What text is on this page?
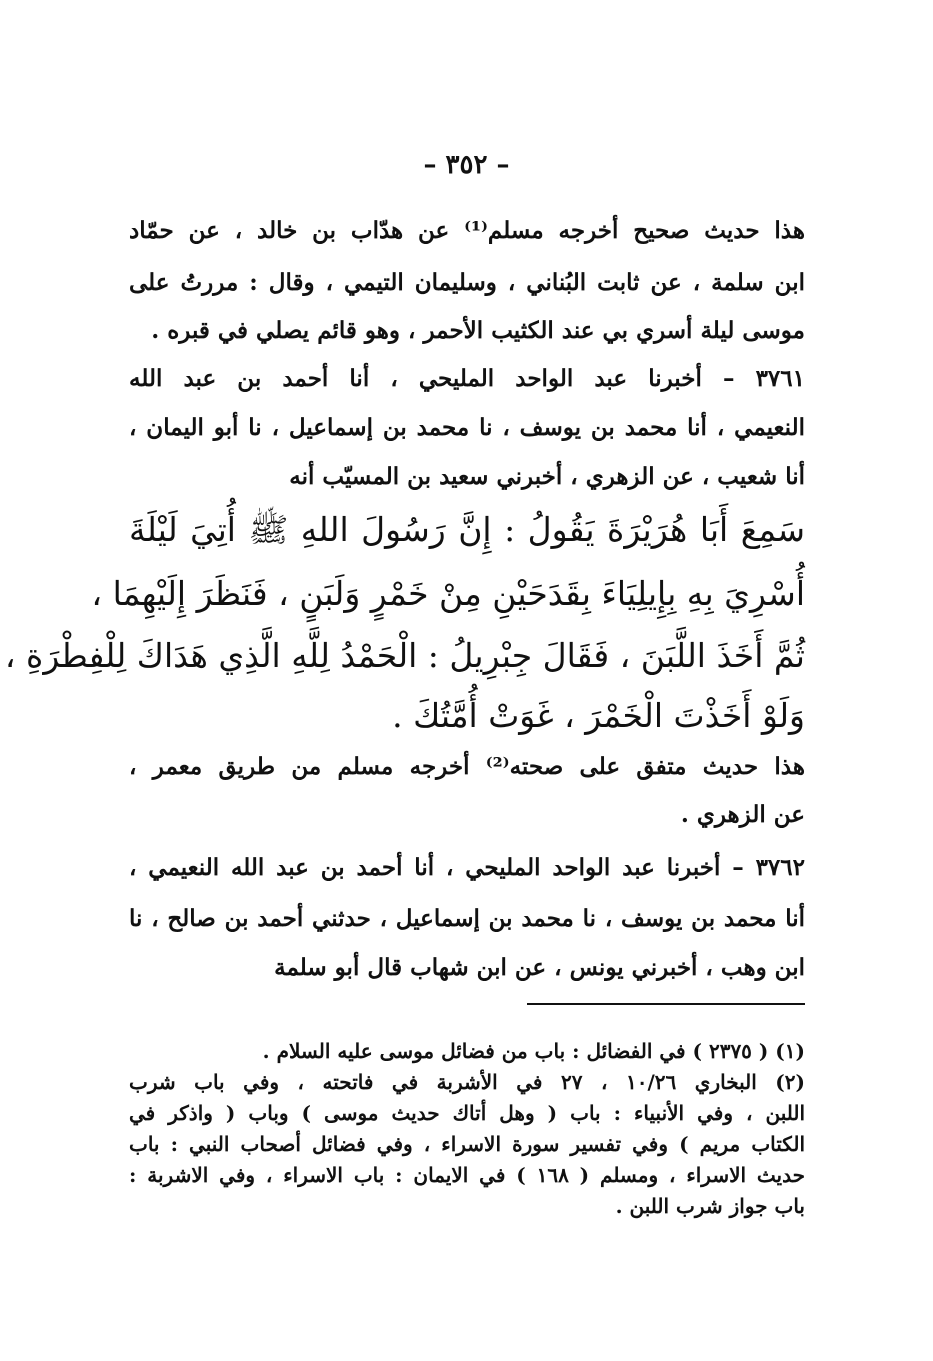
– ٣٥٢ –
هذا حديث صحيح أخرجه مسلم⁽¹⁾ عن هدّاب بن خالد ، عن حمّاد
ابن سلمة ، عن ثابت البُناني ، وسليمان التيمي ، وقال : مررتُ على
موسى ليلة أسري بي عند الكثيب الأحمر ، وهو قائم يصلي في قبره .
٣٧٦١ – أخبرنا عبد الواحد المليحي ، أنا أحمد بن عبد الله
النعيمي ، أنا محمد بن يوسف ، نا محمد بن إسماعيل ، نا أبو اليمان ،
أنا شعيب ، عن الزهري ، أخبرني سعيد بن المسيّب أنه
سَمِعَ أَبَا هُرَيْرَةَ يَقُولُ : إِنَّ رَسُولَ اللهِ ﷺ أُتِيَ لَيْلَةَ
أُسْرِيَ بِهِ بِإِيلِيَاءَ بِقَدَحَيْنِ مِنْ خَمْرٍ وَلَبَنٍ ، فَنَظَرَ إِلَيْهِمَا ،
ثُمَّ أَخَذَ اللَّبَنَ ، فَقَالَ جِبْرِيلُ : الْحَمْدُ لِلَّهِ الَّذِي هَدَاكَ لِلْفِطْرَةِ ،
وَلَوْ أَخَذْتَ الْخَمْرَ ، غَوَتْ أُمَّتُكَ .
هذا حديث متفق على صحته⁽²⁾ أخرجه مسلم من طريق معمر ،
عن الزهري .
٣٧٦٢ – أخبرنا عبد الواحد المليحي ، أنا أحمد بن عبد الله النعيمي ،
أنا محمد بن يوسف ، نا محمد بن إسماعيل ، حدثني أحمد بن صالح ، نا
ابن وهب ، أخبرني يونس ، عن ابن شهاب قال أبو سلمة
(١) ( ٢٣٧٥ ) في الفضائل : باب من فضائل موسى عليه السلام .
(٢) البخاري ١٠/٢٦ ، ٢٧ في الأشربة في فاتحته ، وفي باب شرب
اللبن ، وفي الأنبياء : باب ( وهل أتاك حديث موسى ) وباب ( واذكر في
الكتاب مريم ) وفي تفسير سورة الاسراء ، وفي فضائل أصحاب النبي : باب
حديث الاسراء ، ومسلم ( ١٦٨ ) في الايمان : باب الاسراء ، وفي الاشربة :
باب جواز شرب اللبن .
